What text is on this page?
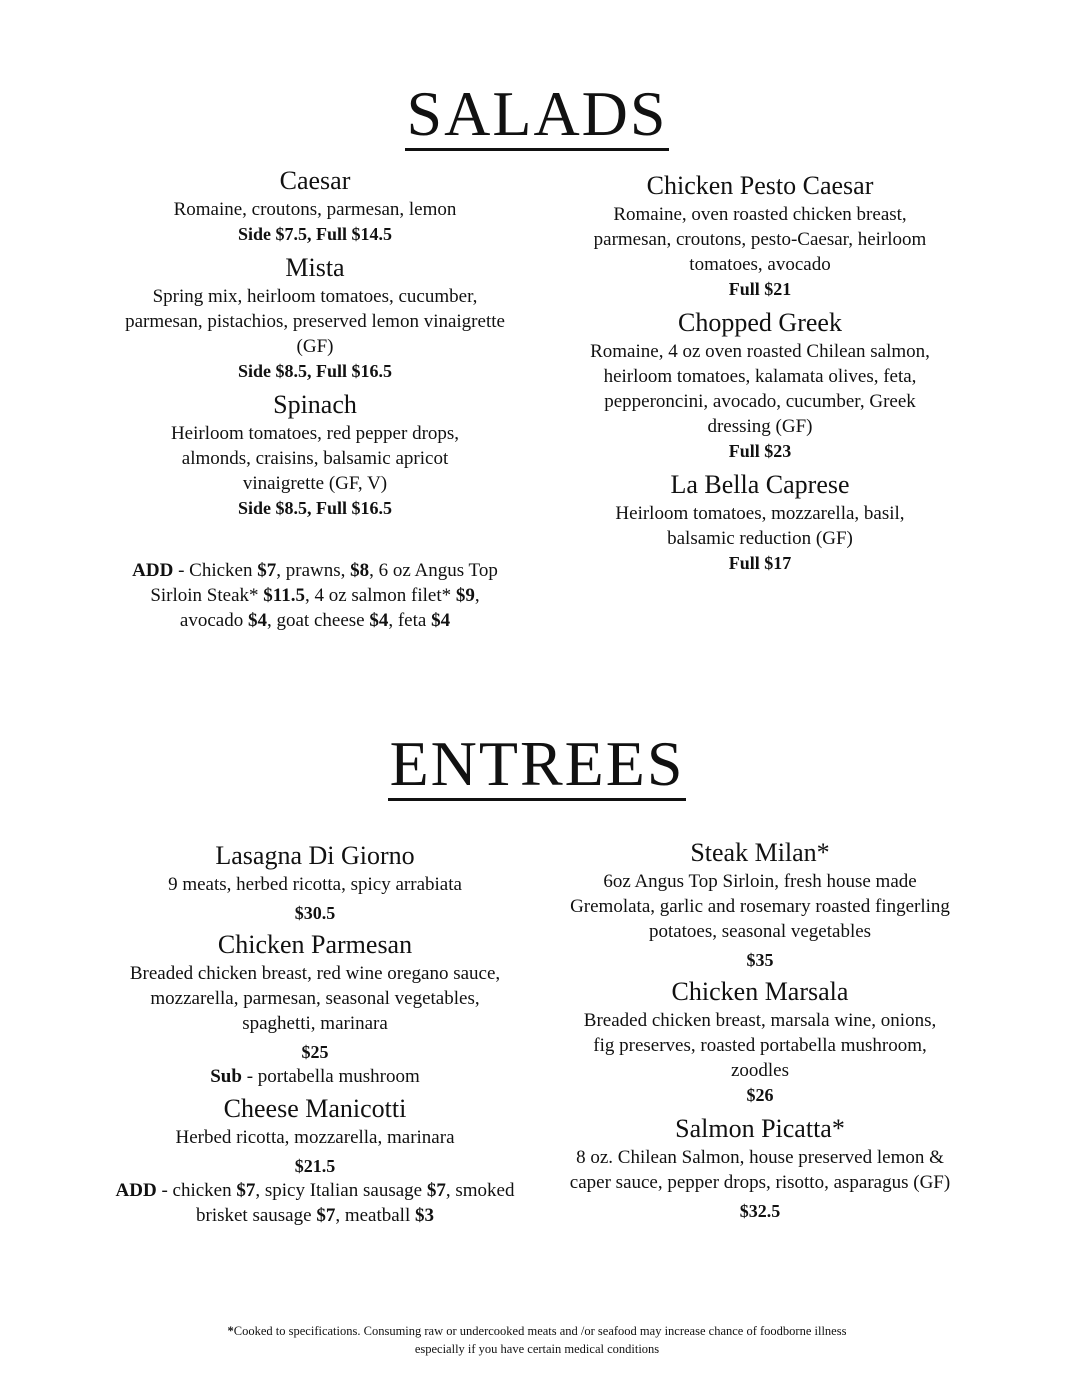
SALADS
Caesar
Romaine, croutons, parmesan, lemon
Side $7.5, Full $14.5
Mista
Spring mix, heirloom tomatoes, cucumber, parmesan, pistachios, preserved lemon vinaigrette (GF)
Side $8.5, Full $16.5
Spinach
Heirloom tomatoes, red pepper drops, almonds, craisins, balsamic apricot vinaigrette (GF, V)
Side $8.5, Full $16.5
ADD - Chicken $7, prawns, $8, 6 oz Angus Top Sirloin Steak* $11.5, 4 oz salmon filet* $9, avocado $4, goat cheese $4, feta $4
Chicken Pesto Caesar
Romaine, oven roasted chicken breast, parmesan, croutons, pesto-Caesar, heirloom tomatoes, avocado
Full $21
Chopped Greek
Romaine, 4 oz oven roasted Chilean salmon, heirloom tomatoes, kalamata olives, feta, pepperoncini, avocado, cucumber, Greek dressing (GF)
Full $23
La Bella Caprese
Heirloom tomatoes, mozzarella, basil, balsamic reduction (GF)
Full $17
ENTREES
Lasagna Di Giorno
9 meats, herbed ricotta, spicy arrabiata
$30.5
Chicken Parmesan
Breaded chicken breast, red wine oregano sauce, mozzarella, parmesan, seasonal vegetables, spaghetti, marinara
$25
Sub - portabella mushroom
Cheese Manicotti
Herbed ricotta, mozzarella, marinara
$21.5
ADD - chicken $7, spicy Italian sausage $7, smoked brisket sausage $7, meatball $3
Steak Milan*
6oz Angus Top Sirloin, fresh house made Gremolata, garlic and rosemary roasted fingerling potatoes, seasonal vegetables
$35
Chicken Marsala
Breaded chicken breast, marsala wine, onions, fig preserves, roasted portabella mushroom, zoodles
$26
Salmon Picatta*
8 oz. Chilean Salmon, house preserved lemon & caper sauce, pepper drops, risotto, asparagus (GF)
$32.5
*Cooked to specifications. Consuming raw or undercooked meats and /or seafood may increase chance of foodborne illness
especially if you have certain medical conditions
